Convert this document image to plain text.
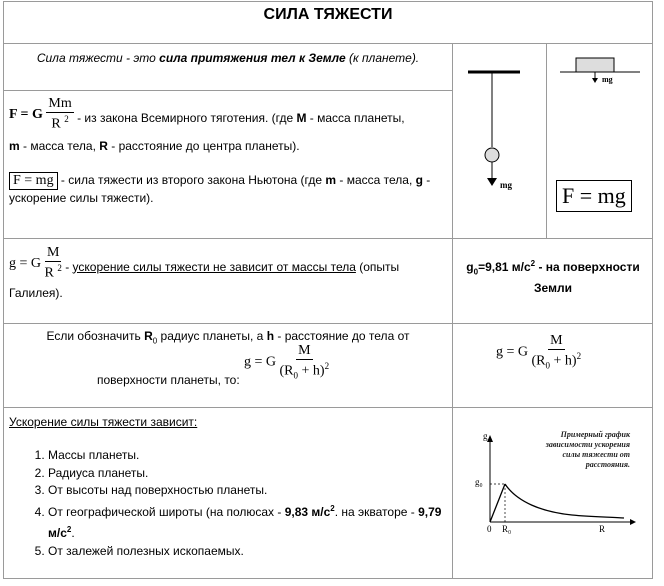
СИЛА ТЯЖЕСТИ
Сила тяжести - это сила притяжения тел к Земле (к планете).
F = G $\frac{Mm}{R ^2}$ - из закона Всемирного тяготения. (где M - масса планеты,
m - масса тела, R - расстояние до центра планеты).
F = mg - сила тяжести из второго закона Ньютона (где m - масса тела, g - ускорение силы тяжести).
mg
mg
F = mg
g = G $\frac{M}{R ^2}$ - ускорение силы тяжести не зависит от массы тела (опыты Галилея).
$g_0=9,81$ $м/с^2$ - на поверхности Земли
Если обозначить $R_0$ радиус планеты, а h - расстояние до тела от
поверхности планеты, то:
g = G $\frac{M}{(R_0 + h)^2}$	g = G $\frac{M}{(R_0 + h)^2}$
Ускорение силы тяжести зависит:
1. Массы планеты.
2. Радиуса планеты.
3. От высоты над поверхностью планеты.
4. От географической широты (на полюсах - 9,83 $м/с^2$. на экваторе - 9,79 $м/с^2$.
5. От залежей полезных ископаемых.
g
g₀
0 R₀	R
Примерный график зависимости ускорения силы тяжести от расстояния.
